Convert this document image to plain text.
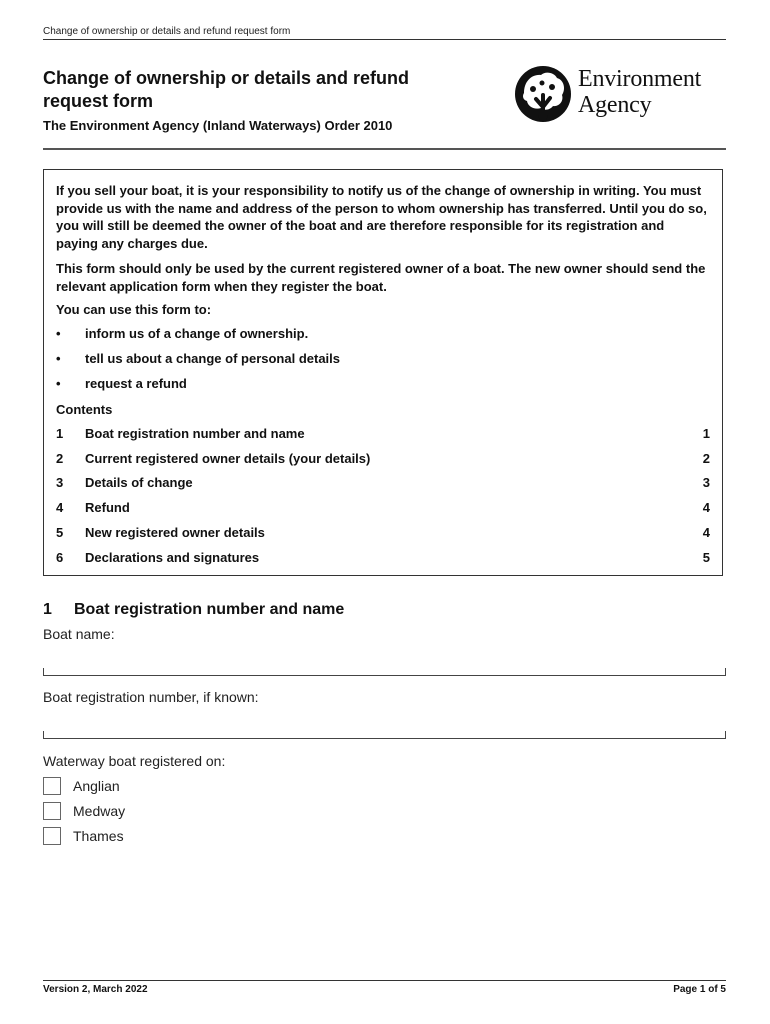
Change of ownership or details and refund request form
Change of ownership or details and refund request form
The Environment Agency (Inland Waterways) Order 2010
Environment
Agency

If you sell your boat, it is your responsibility to notify us of the change of ownership in writing. You must provide us with the name and address of the person to whom ownership has transferred. Until you do so, you will still be deemed the owner of the boat and are therefore responsible for its registration and paying any charges due.

This form should only be used by the current registered owner of a boat. The new owner should send the relevant application form when they register the boat.

You can use this form to:

• inform us of a change of ownership.
• tell us about a change of personal details
• request a refund

Contents

1 Boat registration number and name	1
2 Current registered owner details (your details)	2
3 Details of change	3
4 Refund	4
5 New registered owner details	4
6 Declarations and signatures	5
1 Boat registration number and name
Boat name:
Boat registration number, if known:
Waterway boat registered on:
Anglian
Medway
Thames
Version 2, March 2022	Page 1 of 5
